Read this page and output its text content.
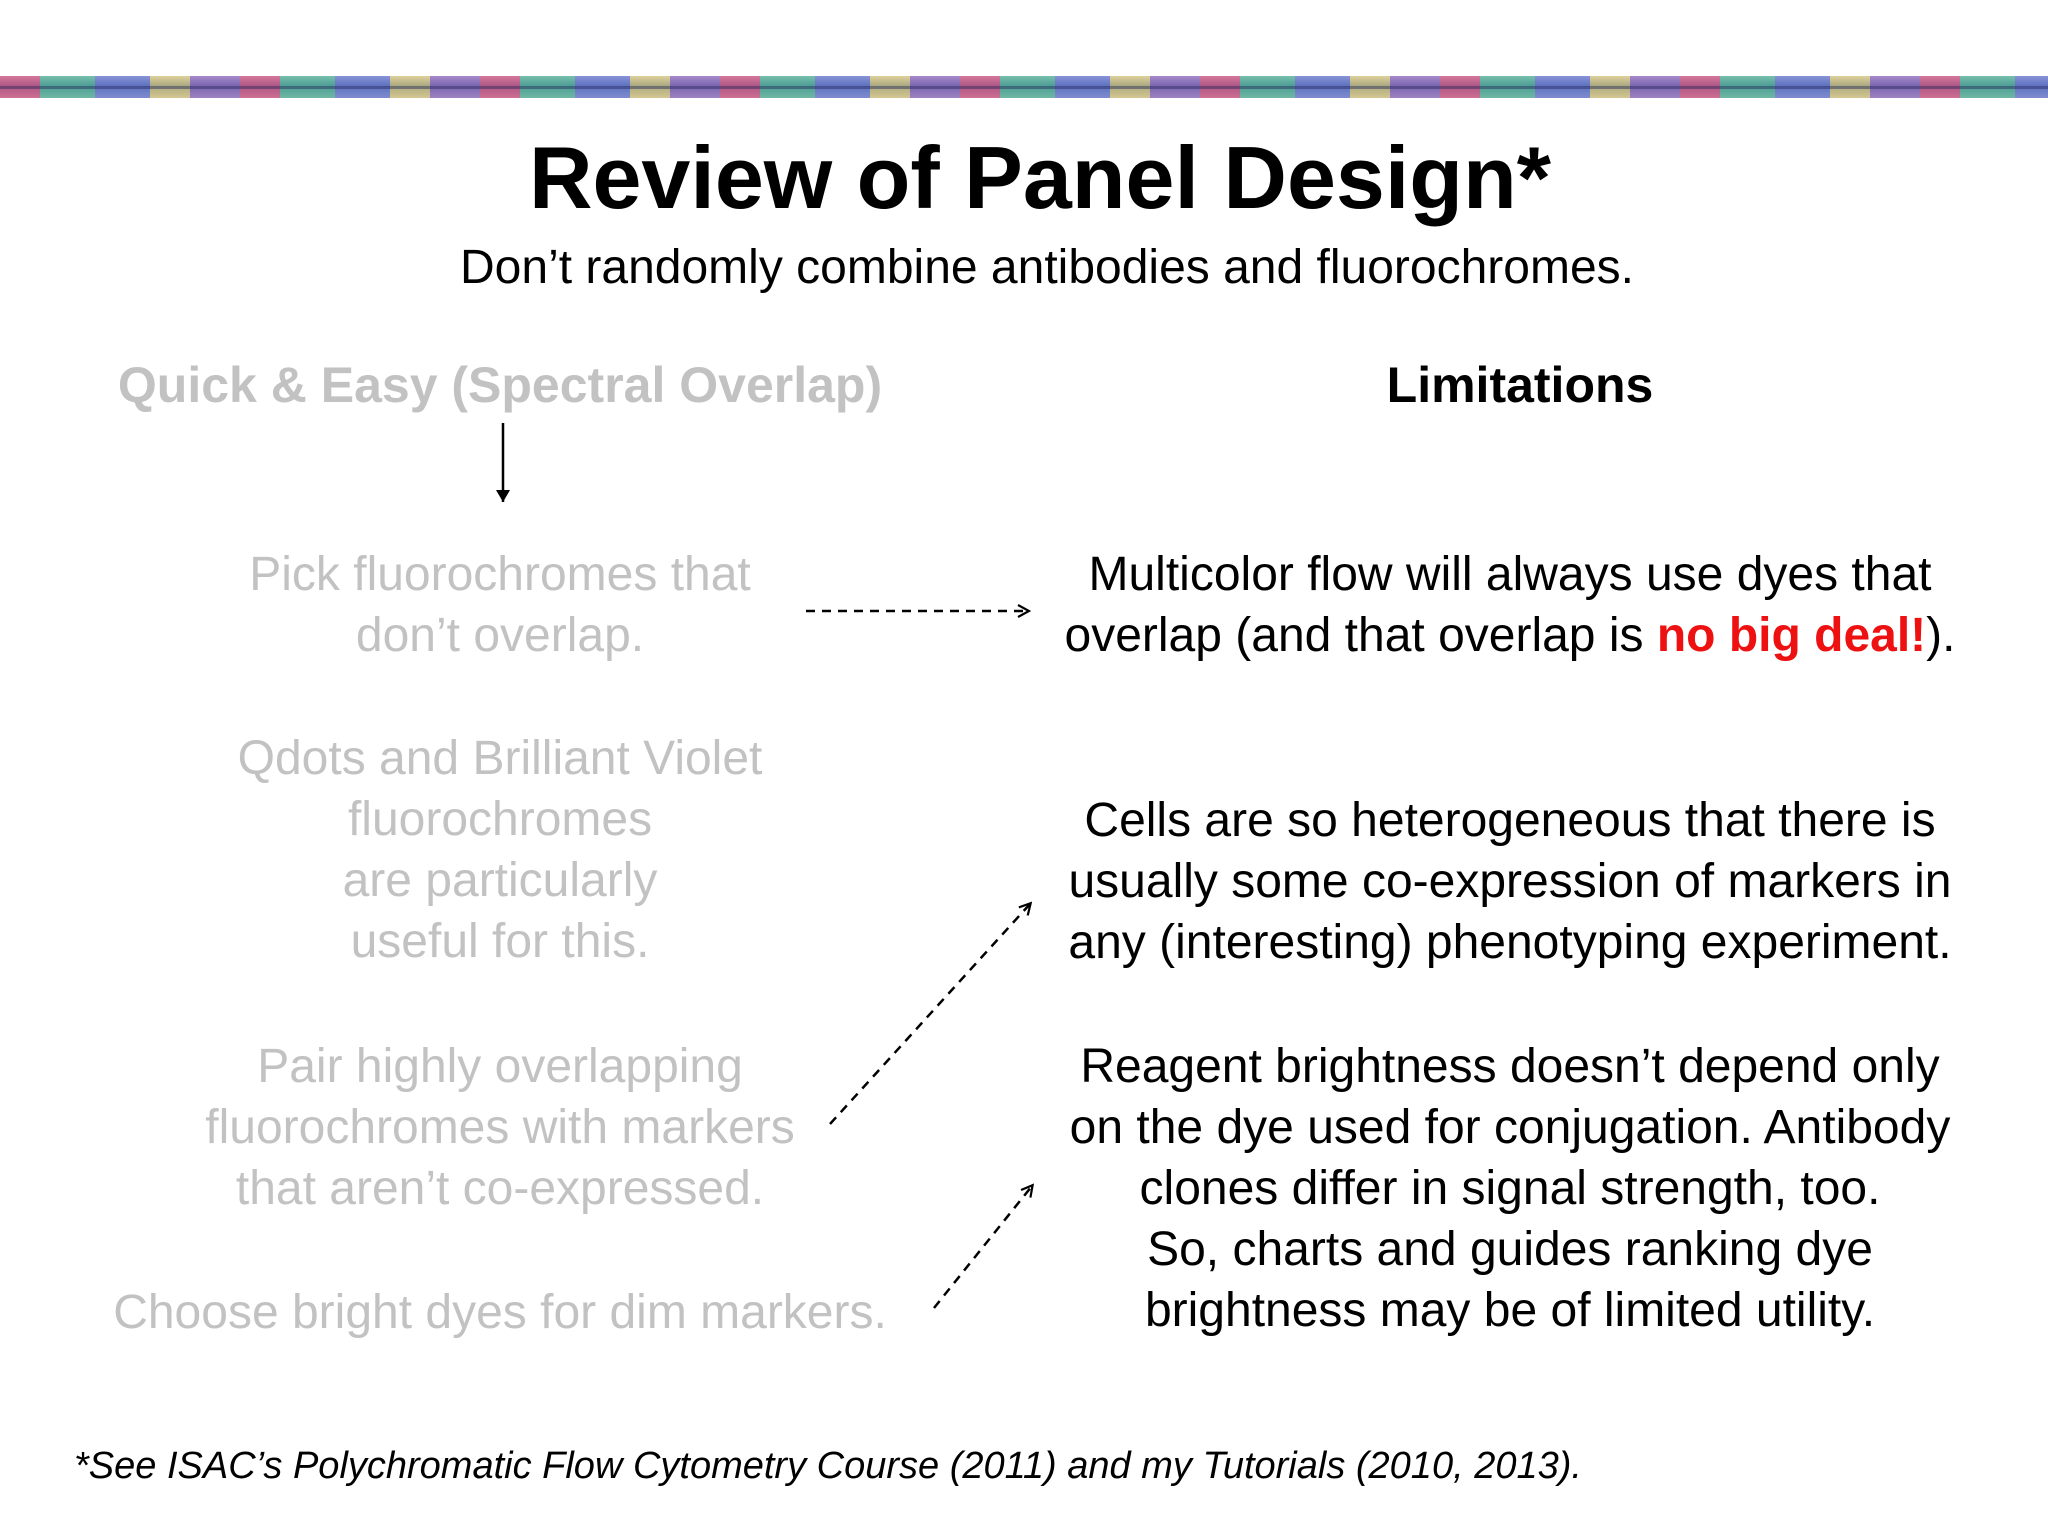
Review of Panel Design*
Don’t randomly combine antibodies and fluorochromes.
Quick & Easy (Spectral Overlap)	Limitations
Pick fluorochromes that
don’t overlap.
Qdots and Brilliant Violet
fluorochromes
are particularly
useful for this.
Pair highly overlapping
fluorochromes with markers
that aren’t co-expressed.
Choose bright dyes for dim markers.
Multicolor flow will always use dyes that
overlap (and that overlap is no big deal!).
Cells are so heterogeneous that there is
usually some co-expression of markers in
any (interesting) phenotyping experiment.
Reagent brightness doesn’t depend only
on the dye used for conjugation. Antibody
clones differ in signal strength, too.
So, charts and guides ranking dye
brightness may be of limited utility.
*See ISAC’s Polychromatic Flow Cytometry Course (2011) and my Tutorials (2010, 2013).
